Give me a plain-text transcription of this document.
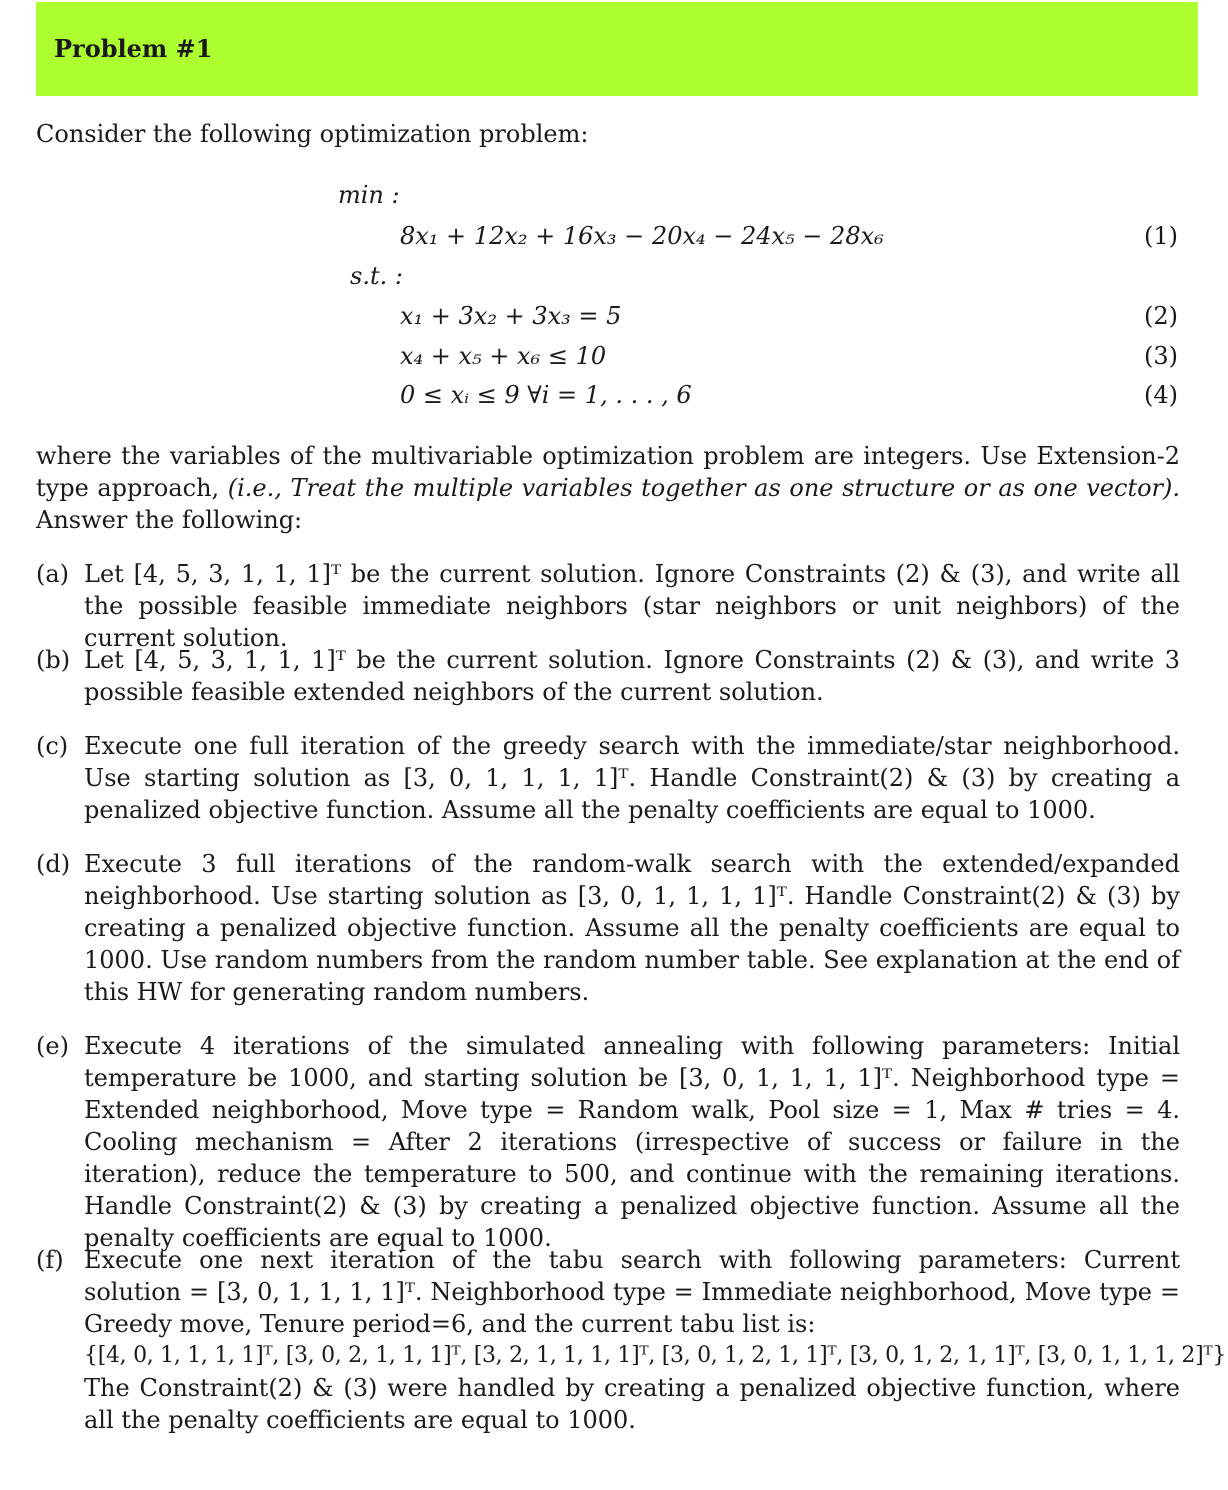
Problem #1
Consider the following optimization problem:
min :
8x₁ + 12x₂ + 16x₃ − 20x₄ − 24x₅ − 28x₆	(1)
s.t. :
x₁ + 3x₂ + 3x₃ = 5	(2)
x₄ + x₅ + x₆ ≤ 10	(3)
0 ≤ xᵢ ≤ 9 ∀i = 1, . . . , 6	(4)
where the variables of the multivariable optimization problem are integers. Use Extension-2 type approach, (i.e., Treat the multiple variables together as one structure or as one vector). Answer the following:
(a) Let [4, 5, 3, 1, 1, 1]ᵀ be the current solution. Ignore Constraints (2) & (3), and write all the possible feasible immediate neighbors (star neighbors or unit neighbors) of the current solution.
(b) Let [4, 5, 3, 1, 1, 1]ᵀ be the current solution. Ignore Constraints (2) & (3), and write 3 possible feasible extended neighbors of the current solution.
(c) Execute one full iteration of the greedy search with the immediate/star neighborhood. Use starting solution as [3, 0, 1, 1, 1, 1]ᵀ. Handle Constraint(2) & (3) by creating a penalized objective function. Assume all the penalty coefficients are equal to 1000.
(d) Execute 3 full iterations of the random-walk search with the extended/expanded neighborhood. Use starting solution as [3, 0, 1, 1, 1, 1]ᵀ. Handle Constraint(2) & (3) by creating a penalized objective function. Assume all the penalty coefficients are equal to 1000. Use random numbers from the random number table. See explanation at the end of this HW for generating random numbers.
(e) Execute 4 iterations of the simulated annealing with following parameters: Initial temperature be 1000, and starting solution be [3, 0, 1, 1, 1, 1]ᵀ. Neighborhood type = Extended neighborhood, Move type = Random walk, Pool size = 1, Max # tries = 4. Cooling mechanism = After 2 iterations (irrespective of success or failure in the iteration), reduce the temperature to 500, and continue with the remaining iterations. Handle Constraint(2) & (3) by creating a penalized objective function. Assume all the penalty coefficients are equal to 1000.
(f) Execute one next iteration of the tabu search with following parameters: Current solution = [3, 0, 1, 1, 1, 1]ᵀ. Neighborhood type = Immediate neighborhood, Move type = Greedy move, Tenure period=6, and the current tabu list is:
{[4, 0, 1, 1, 1, 1]ᵀ, [3, 0, 2, 1, 1, 1]ᵀ, [3, 2, 1, 1, 1, 1]ᵀ, [3, 0, 1, 2, 1, 1]ᵀ, [3, 0, 1, 2, 1, 1]ᵀ, [3, 0, 1, 1, 1, 2]ᵀ}
The Constraint(2) & (3) were handled by creating a penalized objective function, where all the penalty coefficients are equal to 1000.
